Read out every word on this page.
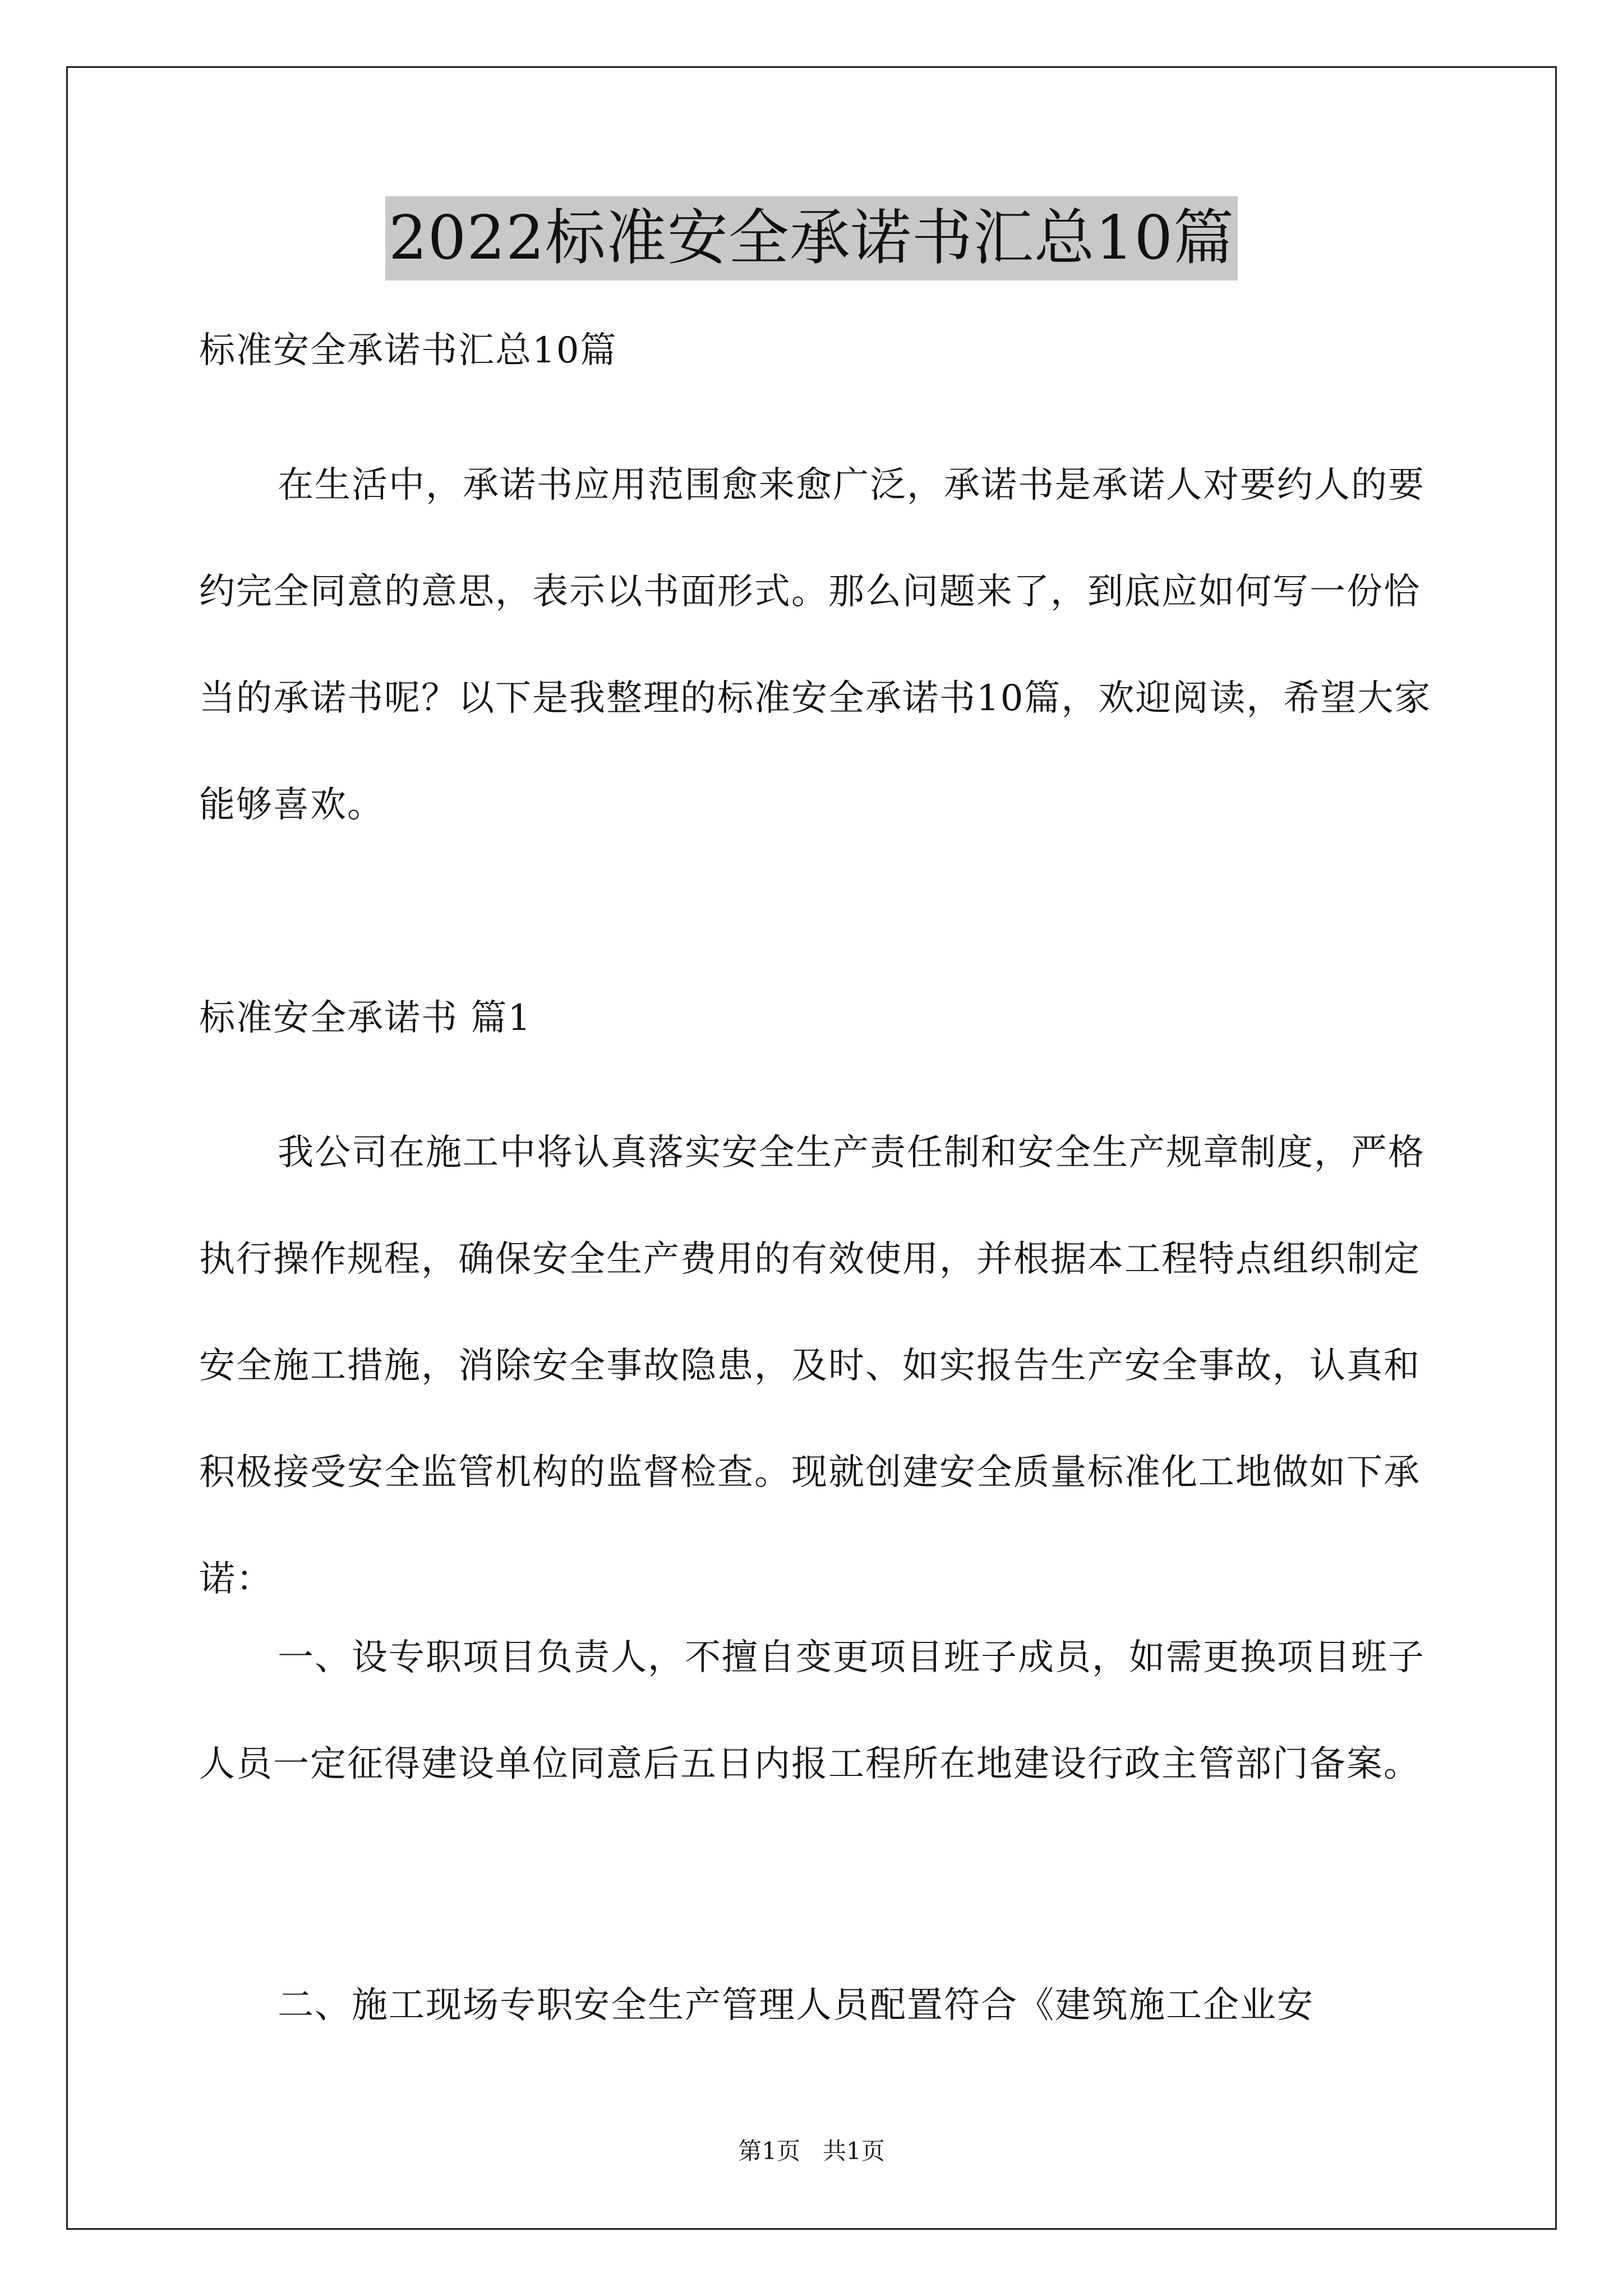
2022标准安全承诺书汇总10篇

标准安全承诺书汇总10篇

在生活中，承诺书应用范围愈来愈广泛，承诺书是承诺人对要约人的要约完全同意的意思，表示以书面形式。那么问题来了，到底应如何写一份恰当的承诺书呢？以下是我整理的标准安全承诺书10篇，欢迎阅读，希望大家能够喜欢。

标准安全承诺书 篇1

我公司在施工中将认真落实安全生产责任制和安全生产规章制度，严格执行操作规程，确保安全生产费用的有效使用，并根据本工程特点组织制定安全施工措施，消除安全事故隐患，及时、如实报告生产安全事故，认真和积极接受安全监管机构的监督检查。现就创建安全质量标准化工地做如下承诺：

一、设专职项目负责人，不擅自变更项目班子成员，如需更换项目班子人员一定征得建设单位同意后五日内报工程所在地建设行政主管部门备案。

二、施工现场专职安全生产管理人员配置符合《建筑施工企业安

第1页   共1页
